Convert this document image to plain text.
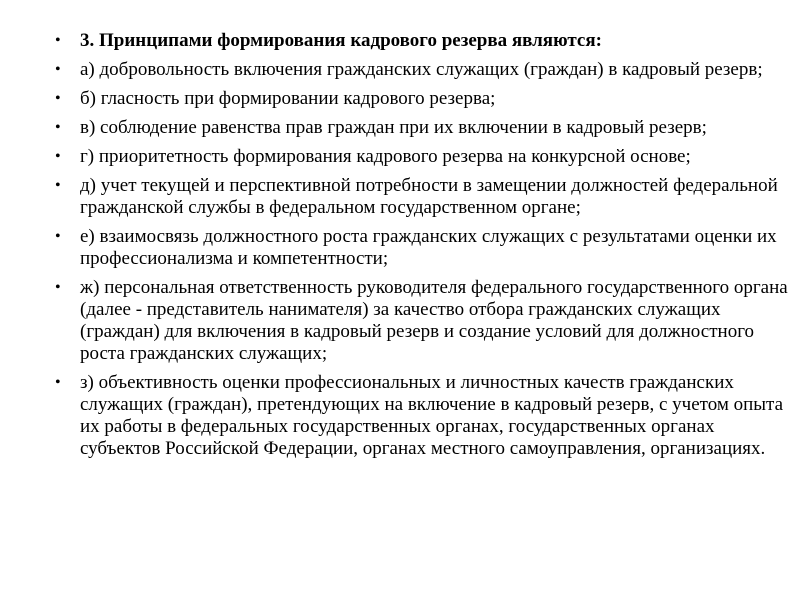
• 3. Принципами формирования кадрового резерва являются:
• а) добровольность включения гражданских служащих (граждан) в кадровый резерв;
• б) гласность при формировании кадрового резерва;
• в) соблюдение равенства прав граждан при их включении в кадровый резерв;
• г) приоритетность формирования кадрового резерва на конкурсной основе;
• д) учет текущей и перспективной потребности в замещении должностей федеральной гражданской службы в федеральном государственном органе;
• е) взаимосвязь должностного роста гражданских служащих с результатами оценки их профессионализма и компетентности;
• ж) персональная ответственность руководителя федерального государственного органа (далее - представитель нанимателя) за качество отбора гражданских служащих (граждан) для включения в кадровый резерв и создание условий для должностного роста гражданских служащих;
• з) объективность оценки профессиональных и личностных качеств гражданских служащих (граждан), претендующих на включение в кадровый резерв, с учетом опыта их работы в федеральных государственных органах, государственных органах субъектов Российской Федерации, органах местного самоуправления, организациях.
